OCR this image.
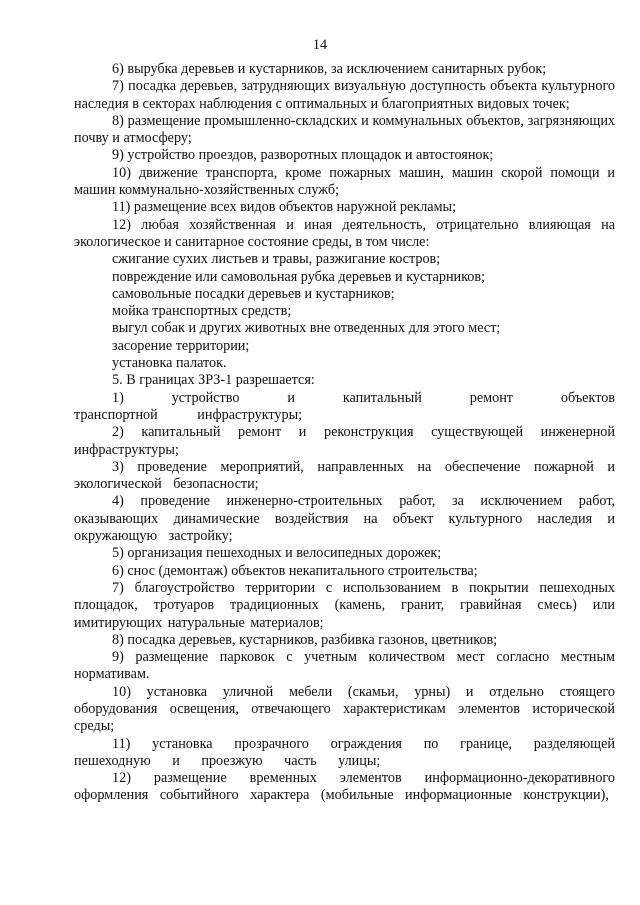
14

6) вырубка деревьев и кустарников, за исключением санитарных рубок;

7) посадка деревьев, затрудняющих визуальную доступность объекта культурного наследия в секторах наблюдения с оптимальных и благоприятных видовых точек;

8) размещение промышленно-складских и коммунальных объектов, загрязняющих почву и атмосферу;

9) устройство проездов, разворотных площадок и автостоянок;

10) движение транспорта, кроме пожарных машин, машин скорой помощи и машин коммунально-хозяйственных служб;

11) размещение всех видов объектов наружной рекламы;

12) любая хозяйственная и иная деятельность, отрицательно влияющая на экологическое и санитарное состояние среды, в том числе:

сжигание сухих листьев и травы, разжигание костров;

повреждение или самовольная рубка деревьев и кустарников;

самовольные посадки деревьев и кустарников;

мойка транспортных средств;

выгул собак и других животных вне отведенных для этого мест;

засорение территории;

установка палаток.

5. В границах ЗРЗ-1 разрешается:

1) устройство и капитальный ремонт объектов транспортной инфраструктуры;

2) капитальный ремонт и реконструкция существующей инженерной инфраструктуры;

3) проведение мероприятий, направленных на обеспечение пожарной и экологической безопасности;

4) проведение инженерно-строительных работ, за исключением работ, оказывающих динамические воздействия на объект культурного наследия и окружающую застройку;

5) организация пешеходных и велосипедных дорожек;

6) снос (демонтаж) объектов некапитального строительства;

7) благоустройство территории с использованием в покрытии пешеходных площадок, тротуаров традиционных (камень, гранит, гравийная смесь) или имитирующих натуральные материалов;

8) посадка деревьев, кустарников, разбивка газонов, цветников;

9) размещение парковок с учетным количеством мест согласно местным нормативам.

10) установка уличной мебели (скамьи, урны) и отдельно стоящего оборудования освещения, отвечающего характеристикам элементов исторической среды;

11) установка прозрачного ограждения по границе, разделяющей пешеходную и проезжую часть улицы;

12) размещение временных элементов информационно-декоративного оформления событийного характера (мобильные информационные конструкции),
